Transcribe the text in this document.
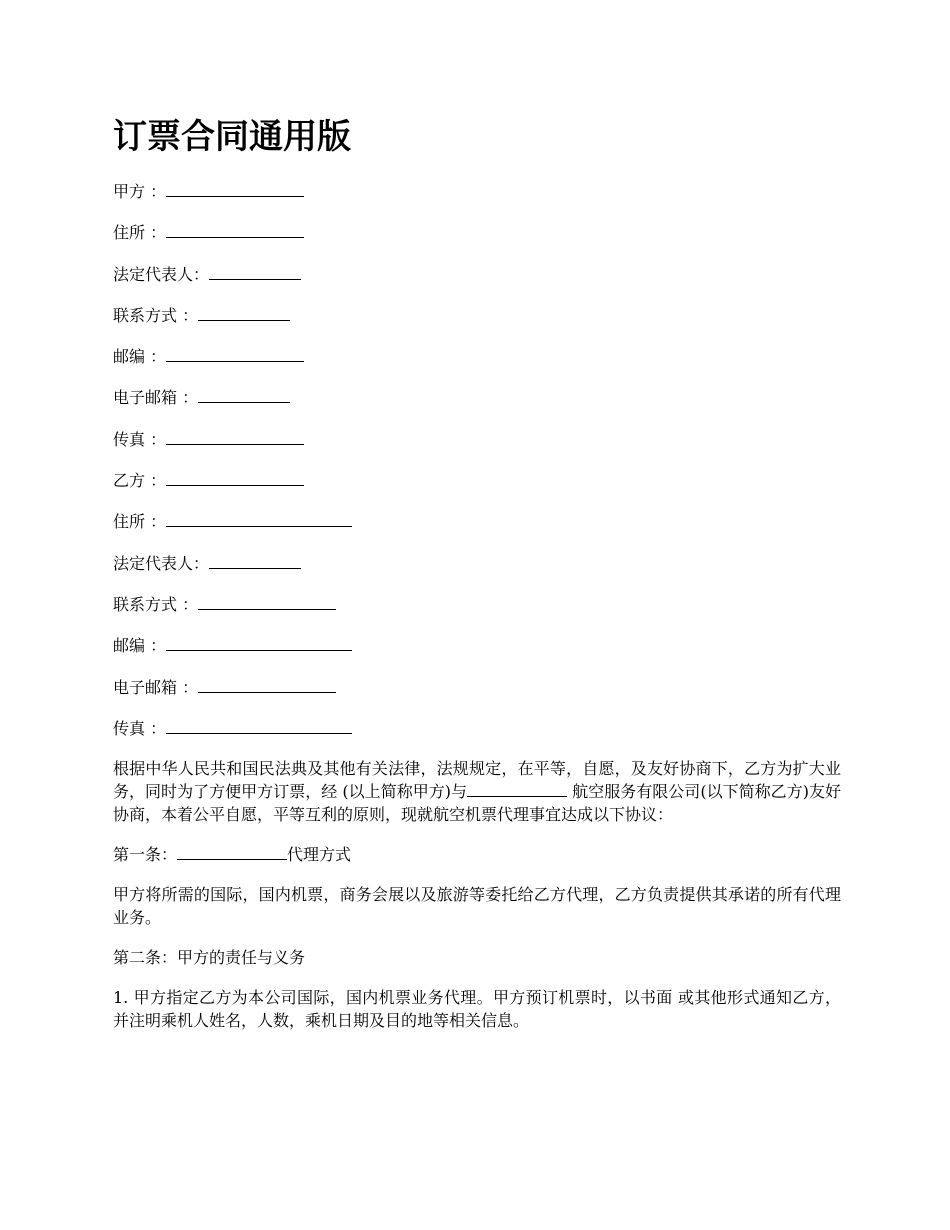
订票合同通用版
甲方 ：
住所 ：
法定代表人：
联系方式 ：
邮编 ：
电子邮箱 ：
传真 ：
乙方 ：
住所 ：
法定代表人：
联系方式 ：
邮编 ：
电子邮箱 ：
传真 ：

根据中华人民共和国民法典及其他有关法律，法规规定，在平等，自愿，及友好协商下，乙方为扩大业务，同时为了方便甲方订票，经 (以上简称甲方)与	航空服务有限公司(以下简称乙方)友好协商，本着公平自愿，平等互利的原则，现就航空机票代理事宜达成以下协议：

第一条：	代理方式

甲方将所需的国际，国内机票，商务会展以及旅游等委托给乙方代理，乙方负责提供其承诺的所有代理业务。

第二条：甲方的责任与义务

1. 甲方指定乙方为本公司国际，国内机票业务代理。甲方预订机票时，以书面 或其他形式通知乙方，并注明乘机人姓名，人数，乘机日期及目的地等相关信息。
